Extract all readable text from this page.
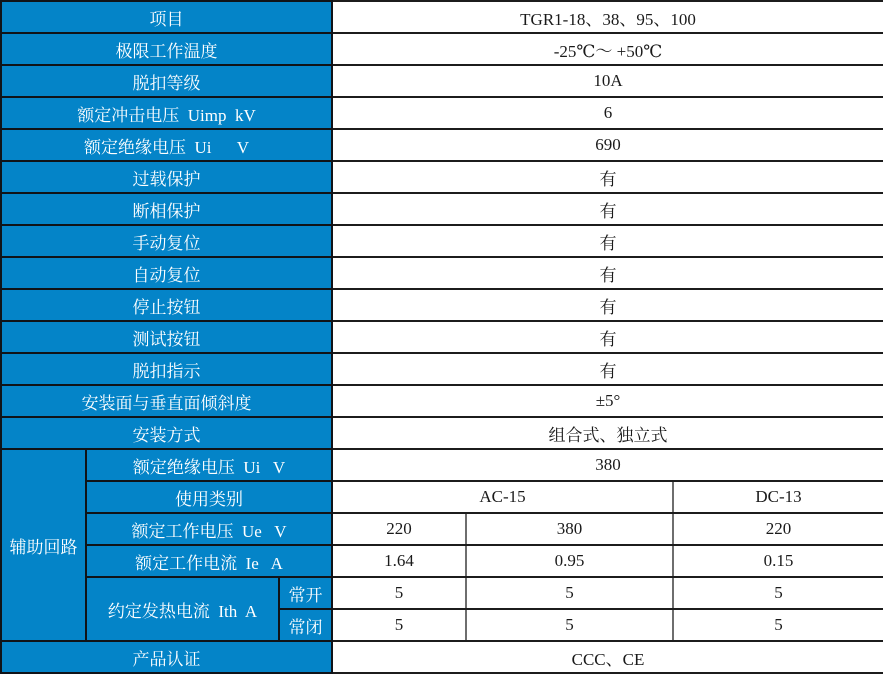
项目			TGR1-18、38、95、100		
极限工作温度			-25℃～ +50℃		
脱扣等级			10A		
额定冲击电压  Uimp  kV			6		
额定绝缘电压  Ui      V			690		
过载保护			有		
断相保护			有		
手动复位			有		
自动复位			有		
停止按钮			有		
测试按钮			有		
脱扣指示			有		
安装面与垂直面倾斜度			±5°		
安装方式			组合式、独立式		
辅助回路	额定绝缘电压  Ui   V		380		
	使用类别		AC-15		DC-13
	额定工作电压  Ue   V		220	380	220
	额定工作电流  Ie   A		1.64	0.95	0.15
	约定发热电流  Ith  A	常开	5	5	5
		常闭	5	5	5
产品认证			CCC、CE		
